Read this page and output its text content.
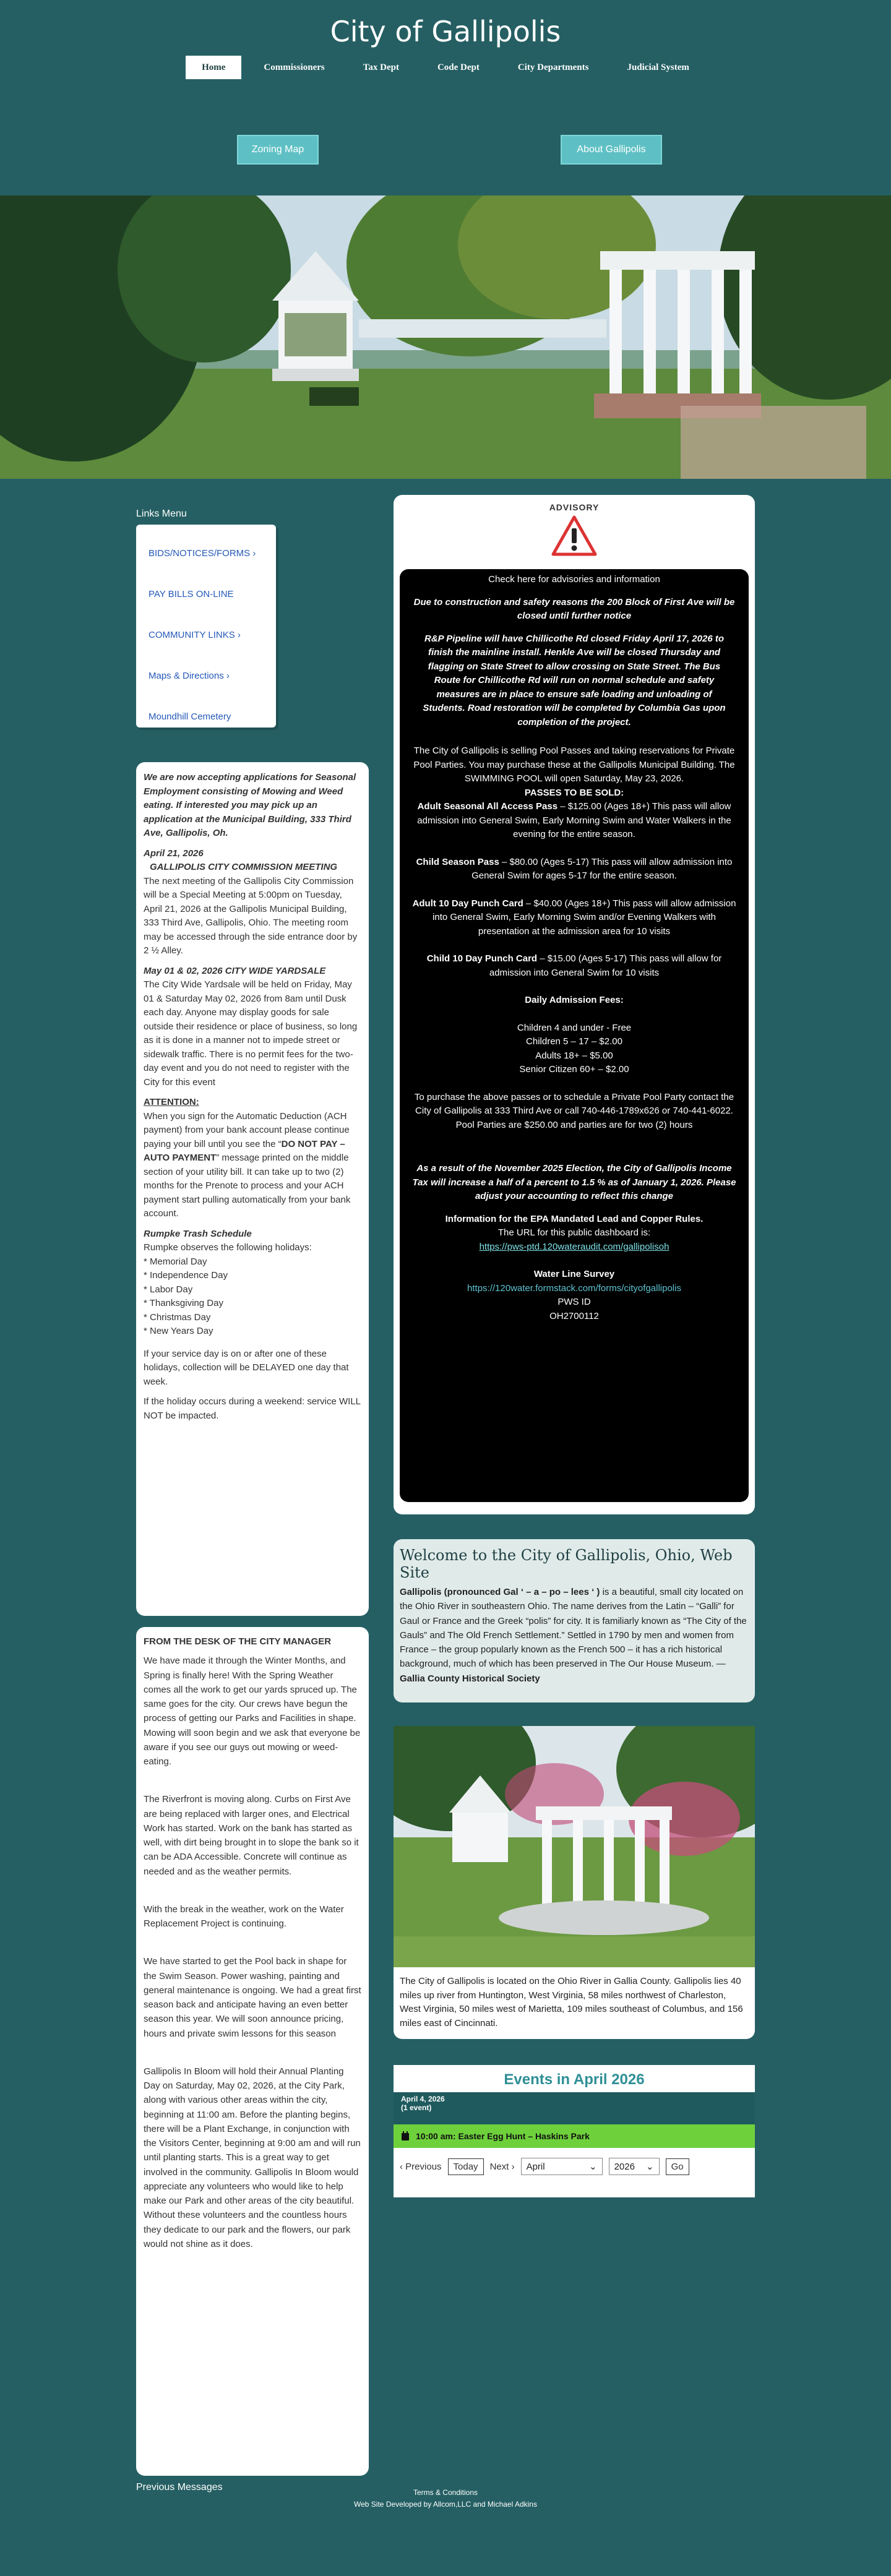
City of Gallipolis
Home	Commissioners	Tax Dept	Code Dept	City Departments	Judicial System
Zoning Map	About Gallipolis
Links Menu
BIDS/NOTICES/FORMS ›
PAY BILLS ON-LINE
COMMUNITY LINKS ›
Maps & Directions ›
Moundhill Cemetery

We are now accepting applications for Seasonal Employment consisting of Mowing and Weed eating. If interested you may pick up an application at the Municipal Building, 333 Third Ave, Gallipolis, Oh.

April 21, 2026

GALLIPOLIS CITY COMMISSION MEETING

The next meeting of the Gallipolis City Commission will be a Special Meeting at 5:00pm on Tuesday, April 21, 2026 at the Gallipolis Municipal Building, 333 Third Ave, Gallipolis, Ohio. The meeting room may be accessed through the side entrance door by 2 ½ Alley.

May 01 & 02, 2026 CITY WIDE YARDSALE

The City Wide Yardsale will be held on Friday, May 01 & Saturday May 02, 2026 from 8am until Dusk each day. Anyone may display goods for sale outside their residence or place of business, so long as it is done in a manner not to impede street or sidewalk traffic. There is no permit fees for the two-day event and you do not need to register with the City for this event

ATTENTION:

When you sign for the Automatic Deduction (ACH payment) from your bank account please continue paying your bill until you see the “DO NOT PAY – AUTO PAYMENT” message printed on the middle section of your utility bill. It can take up to two (2) months for the Prenote to process and your ACH payment start pulling automatically from your bank account.

Rumpke Trash Schedule

Rumpke observes the following holidays:

* Memorial Day
* Independence Day
* Labor Day
* Thanksgiving Day
* Christmas Day
* New Years Day

If your service day is on or after one of these holidays, collection will be DELAYED one day that week.

If the holiday occurs during a weekend: service WILL NOT be impacted.

From the Desk of the City Manager

FROM THE DESK OF THE CITY MANAGER

We have made it through the Winter Months, and Spring is finally here! With the Spring Weather comes all the work to get our yards spruced up. The same goes for the city. Our crews have begun the process of getting our Parks and Facilities in shape. Mowing will soon begin and we ask that everyone be aware if you see our guys out mowing or weed-eating.

The Riverfront is moving along. Curbs on First Ave are being replaced with larger ones, and Electrical Work has started. Work on the bank has started as well, with dirt being brought in to slope the bank so it can be ADA Accessible. Concrete will continue as needed and as the weather permits.

With the break in the weather, work on the Water Replacement Project is continuing.

We have started to get the Pool back in shape for the Swim Season. Power washing, painting and general maintenance is ongoing. We had a great first season back and anticipate having an even better season this year. We will soon announce pricing, hours and private swim lessons for this season

Gallipolis In Bloom will hold their Annual Planting Day on Saturday, May 02, 2026, at the City Park, along with various other areas within the city, beginning at 11:00 am. Before the planting begins, there will be a Plant Exchange, in conjunction with the Visitors Center, beginning at 9:00 am and will run until planting starts. This is a great way to get involved in the community. Gallipolis In Bloom would appreciate any volunteers who would like to help make our Park and other areas of the city beautiful. Without these volunteers and the countless hours they dedicate to our park and the flowers, our park would not shine as it does.

Previous Messages
ADVISORY

Check here for advisories and information

Due to construction and safety reasons the 200 Block of First Ave will be closed until further notice

R&P Pipeline will have Chillicothe Rd closed Friday April 17, 2026 to finish the mainline install. Henkle Ave will be closed Thursday and flagging on State Street to allow crossing on State Street. The Bus Route for Chillicothe Rd will run on normal schedule and safety measures are in place to ensure safe loading and unloading of Students. Road restoration will be completed by Columbia Gas upon completion of the project.

The City of Gallipolis is selling Pool Passes and taking reservations for Private Pool Parties. You may purchase these at the Gallipolis Municipal Building. The SWIMMING POOL will open Saturday, May 23, 2026.

PASSES TO BE SOLD:

Adult Seasonal All Access Pass – $125.00 (Ages 18+) This pass will allow admission into General Swim, Early Morning Swim and Water Walkers in the evening for the entire season.

Child Season Pass – $80.00 (Ages 5-17) This pass will allow admission into General Swim for ages 5-17 for the entire season.

Adult 10 Day Punch Card – $40.00 (Ages 18+) This pass will allow admission into General Swim, Early Morning Swim and/or Evening Walkers with presentation at the admission area for 10 visits

Child 10 Day Punch Card – $15.00 (Ages 5-17) This pass will allow for admission into General Swim for 10 visits

Daily Admission Fees:

Children 4 and under - Free
Children 5 – 17 – $2.00
Adults 18+ – $5.00
Senior Citizen 60+ – $2.00

To purchase the above passes or to schedule a Private Pool Party contact the City of Gallipolis at 333 Third Ave or call 740-446-1789x626 or 740-441-6022. Pool Parties are $250.00 and parties are for two (2) hours

As a result of the November 2025 Election, the City of Gallipolis Income Tax will increase a half of a percent to 1.5 % as of January 1, 2026. Please adjust your accounting to reflect this change

Information for the EPA Mandated Lead and Copper Rules.

The URL for this public dashboard is:

https://pws-ptd.120wateraudit.com/gallipolisoh

Water Line Survey

https://120water.formstack.com/forms/cityofgallipolis

PWS ID

OH2700112

Welcome to the City of Gallipolis, Ohio, Web Site

Gallipolis (pronounced Gal ‘ – a – po – lees ‘ ) is a beautiful, small city located on the Ohio River in southeastern Ohio. The name derives from the Latin – “Galli” for Gaul or France and the Greek “polis” for city. It is familiarly known as “The City of the Gauls” and The Old French Settlement.” Settled in 1790 by men and women from France – the group popularly known as the French 500 – it has a rich historical background, much of which has been preserved in The Our House Museum. — Gallia County Historical Society

The City of Gallipolis is located on the Ohio River in Gallia County. Gallipolis lies 40 miles up river from Huntington, West Virginia, 58 miles northwest of Charleston, West Virginia, 50 miles west of Marietta, 109 miles southeast of Columbus, and 156 miles east of Cincinnati.
Events in April 2026
April 4, 2026
(1 event)
10:00 am: Easter Egg Hunt – Haskins Park
‹ Previous	Today	Next › April	⌄ 2026 ⌄	Go
Terms & Conditions
Web Site Developed by Allcom,LLC and Michael Adkins
